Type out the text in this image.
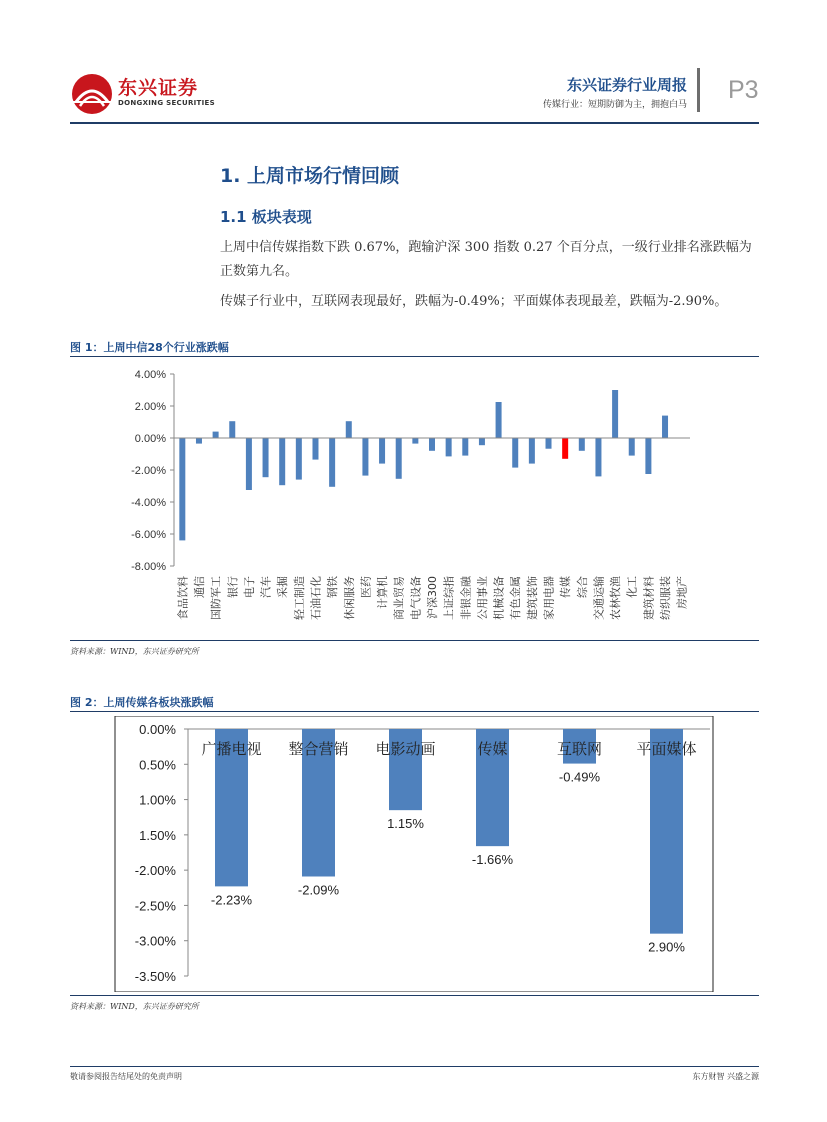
东兴证券
DONGXING SECURITIES
东兴证券行业周报
传媒行业：短期防御为主，拥抱白马
P3
1. 上周市场行情回顾
1.1 板块表现
上周中信传媒指数下跌 0.67%，跑输沪深 300 指数 0.27 个百分点，一级行业排名涨跌幅为正数第九名。
传媒子行业中，互联网表现最好，跌幅为-0.49%；平面媒体表现最差，跌幅为-2.90%。
图 1：上周中信28个行业涨跌幅
4.00%
2.00%
0.00%
-2.00%
-4.00%
-6.00%
-8.00%
食品饮料 通信 国防军工 银行 电子 汽车 采掘 轻工制造 石油石化 钢铁 休闲服务 医药 计算机 商业贸易 电气设备 沪深300 上证综指 非银金融 公用事业 机械设备 有色金属 建筑装饰 家用电器 传媒 综合 交通运输 农林牧渔 化工 建筑材料 纺织服装 房地产
资料来源：WIND，东兴证券研究所
图 2：上周传媒各板块涨跌幅
0.00%
0.50%
1.00%
1.50%
-2.00%
-2.50%
-3.00%
-3.50%
广播电视
-2.23%
整合营销
-2.09%
电影动画
1.15%
传媒
-1.66%
互联网
-0.49%
平面媒体
2.90%
资料来源：WIND，东兴证券研究所
敬请参阅报告结尾处的免责声明	东方财智 兴盛之源
